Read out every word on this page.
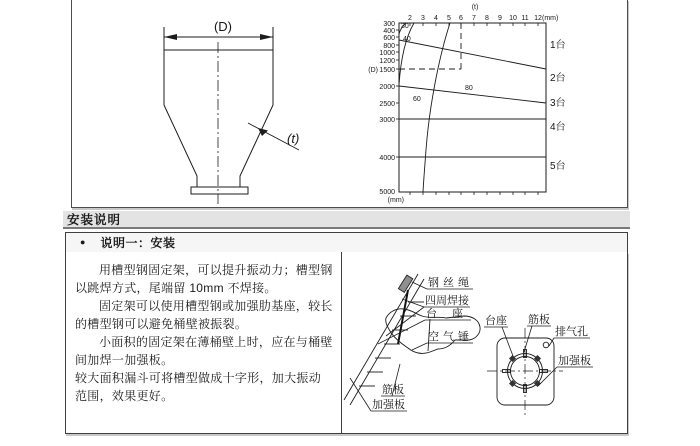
(D)
(t)
2 3 4 5 6 7 8 9 10 11 12
(t)
(mm)
300
400
600
800
1000
1200
1500
2000
2500
3000
4000
5000
(D)
(mm)
30
40
60
80
1台
2台
3台
4台
5台
安装说明
● 说明一：安装

用槽型钢固定架，可以提升振动力；槽型钢以跳焊方式，尾端留 10mm 不焊接。

固定架可以使用槽型钢或加强肋基座，较长的槽型钢可以避免桶壁被振裂。

小面积的固定架在薄桶壁上时，应在与桶壁间加焊一加强板。

较大面积漏斗可将槽型做成十字形，加大振动范围，效果更好。

钢丝绳
四周焊接
台座
空气锤
筋板
加强板
台座 筋板
排气孔
加强板
